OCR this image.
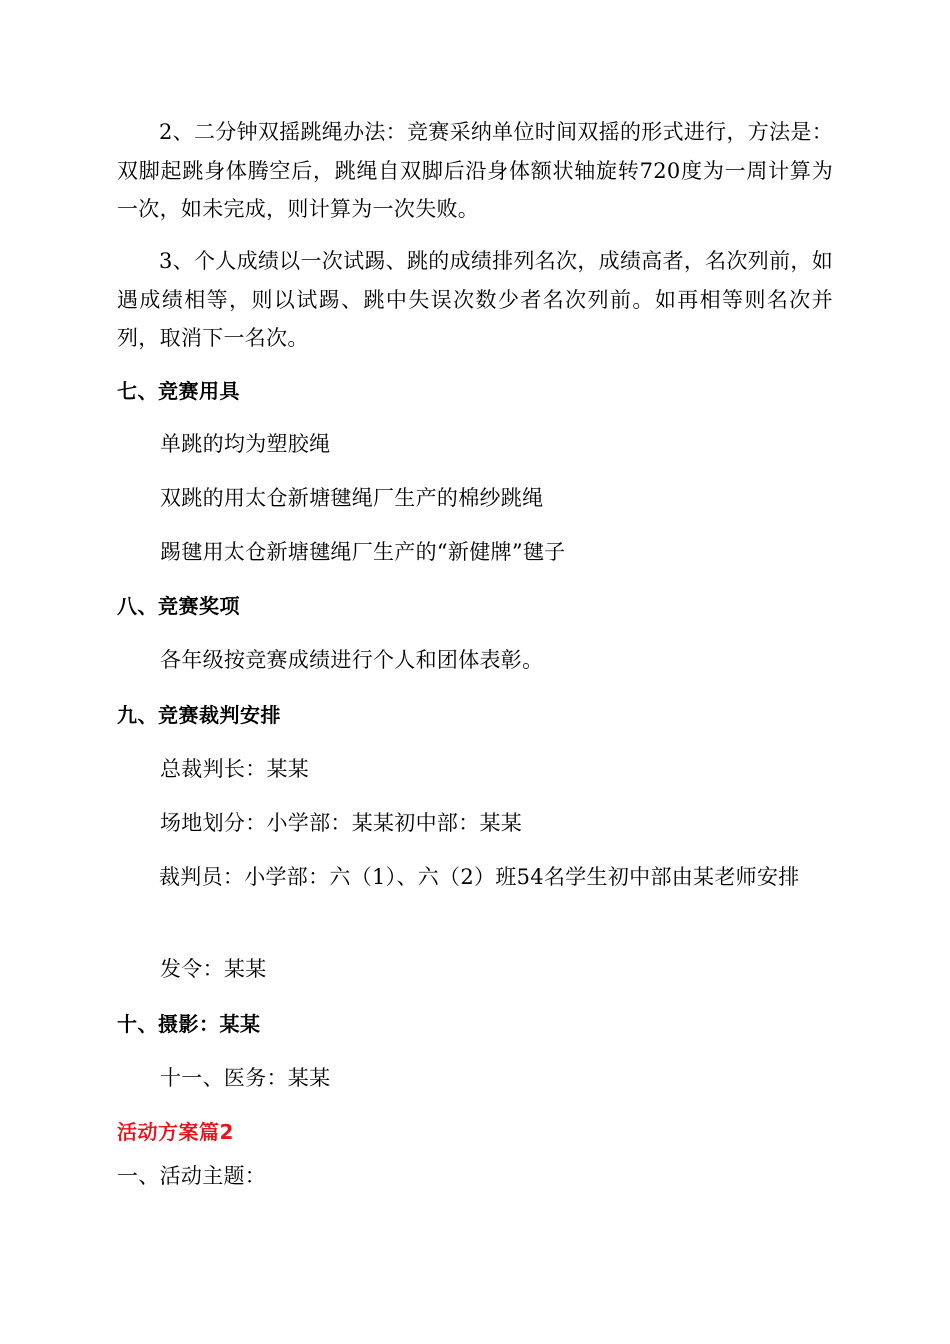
2、二分钟双摇跳绳办法：竞赛采纳单位时间双摇的形式进行，方法是：双脚起跳身体腾空后，跳绳自双脚后沿身体额状轴旋转720度为一周计算为一次，如未完成，则计算为一次失败。
3、个人成绩以一次试踢、跳的成绩排列名次，成绩高者，名次列前，如遇成绩相等，则以试踢、跳中失误次数少者名次列前。如再相等则名次并列，取消下一名次。
七、竞赛用具
单跳的均为塑胶绳
双跳的用太仓新塘毽绳厂生产的棉纱跳绳
踢毽用太仓新塘毽绳厂生产的“新健牌”毽子
八、竞赛奖项
各年级按竞赛成绩进行个人和团体表彰。
九、竞赛裁判安排
总裁判长：某某
场地划分：小学部：某某初中部：某某
裁判员：小学部：六（1）、六（2）班54名学生初中部由某老师安排
发令：某某
十、摄影：某某
十一、医务：某某
活动方案篇2
一、活动主题：
